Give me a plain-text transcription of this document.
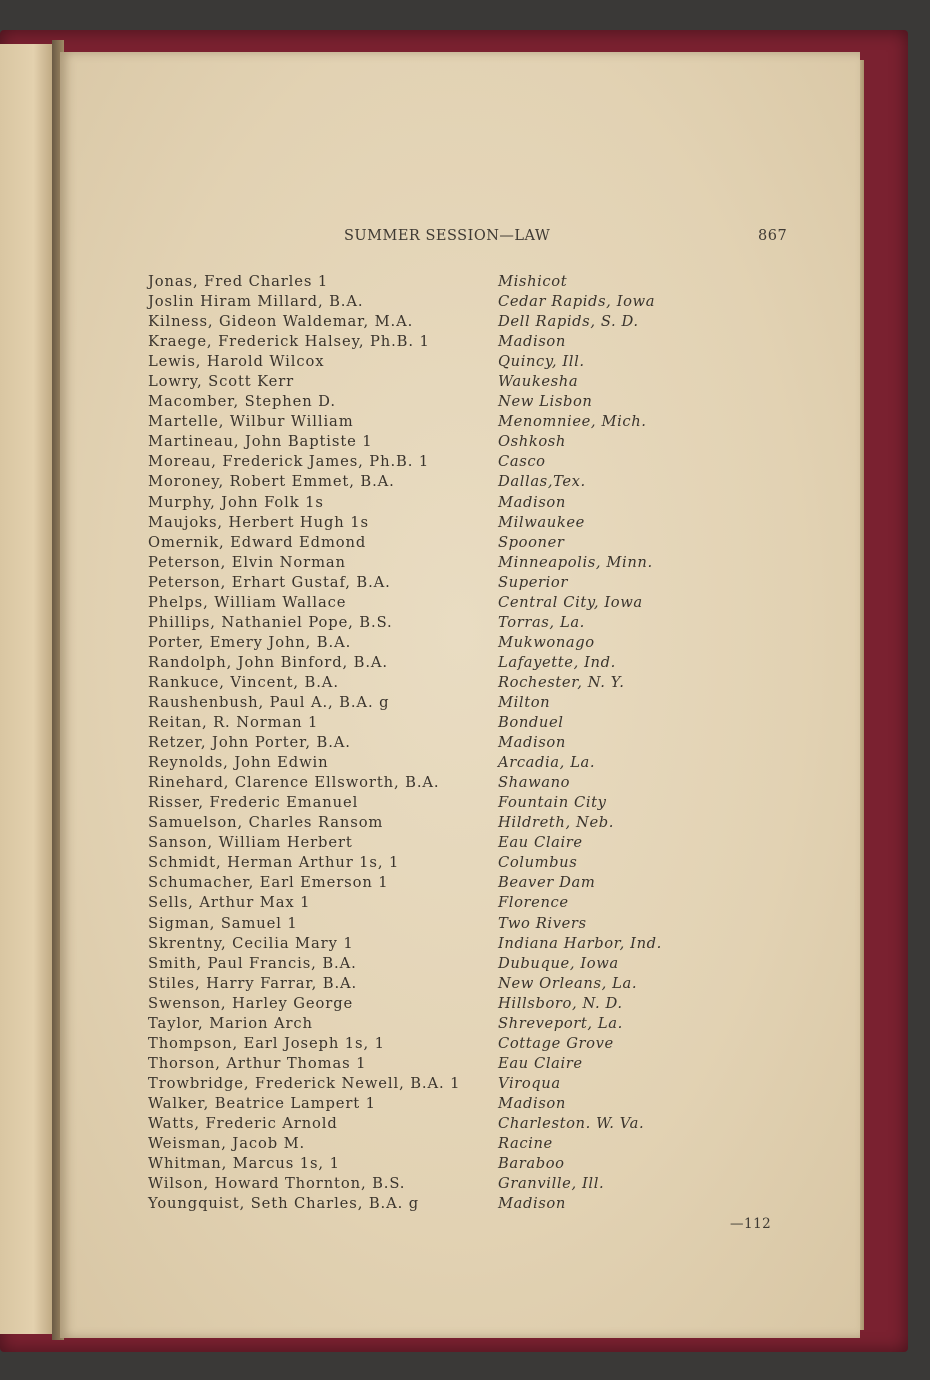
SUMMER SESSION—LAW	867
Jonas, Fred Charles 1	Mishicot
Joslin Hiram Millard, B.A.	Cedar Rapids, Iowa
Kilness, Gideon Waldemar, M.A.	Dell Rapids, S. D.
Kraege, Frederick Halsey, Ph.B. 1	Madison
Lewis, Harold Wilcox	Quincy, Ill.
Lowry, Scott Kerr	Waukesha
Macomber, Stephen D.	New Lisbon
Martelle, Wilbur William	Menomniee, Mich.
Martineau, John Baptiste 1	Oshkosh
Moreau, Frederick James, Ph.B. 1	Casco
Moroney, Robert Emmet, B.A.	Dallas,Tex.
Murphy, John Folk 1s	Madison
Maujoks, Herbert Hugh 1s	Milwaukee
Omernik, Edward Edmond	Spooner
Peterson, Elvin Norman	Minneapolis, Minn.
Peterson, Erhart Gustaf, B.A.	Superior
Phelps, William Wallace	Central City, Iowa
Phillips, Nathaniel Pope, B.S.	Torras, La.
Porter, Emery John, B.A.	Mukwonago
Randolph, John Binford, B.A.	Lafayette, Ind.
Rankuce, Vincent, B.A.	Rochester, N. Y.
Raushenbush, Paul A., B.A. g	Milton
Reitan, R. Norman 1	Bonduel
Retzer, John Porter, B.A.	Madison
Reynolds, John Edwin	Arcadia, La.
Rinehard, Clarence Ellsworth, B.A.	Shawano
Risser, Frederic Emanuel	Fountain City
Samuelson, Charles Ransom	Hildreth, Neb.
Sanson, William Herbert	Eau Claire
Schmidt, Herman Arthur 1s, 1	Columbus
Schumacher, Earl Emerson 1	Beaver Dam
Sells, Arthur Max 1	Florence
Sigman, Samuel 1	Two Rivers
Skrentny, Cecilia Mary 1	Indiana Harbor, Ind.
Smith, Paul Francis, B.A.	Dubuque, Iowa
Stiles, Harry Farrar, B.A.	New Orleans, La.
Swenson, Harley George	Hillsboro, N. D.
Taylor, Marion Arch	Shreveport, La.
Thompson, Earl Joseph 1s, 1	Cottage Grove
Thorson, Arthur Thomas 1	Eau Claire
Trowbridge, Frederick Newell, B.A. 1	Viroqua
Walker, Beatrice Lampert 1	Madison
Watts, Frederic Arnold	Charleston. W. Va.
Weisman, Jacob M.	Racine
Whitman, Marcus 1s, 1	Baraboo
Wilson, Howard Thornton, B.S.	Granville, Ill.
Youngquist, Seth Charles, B.A. g	Madison
—112
